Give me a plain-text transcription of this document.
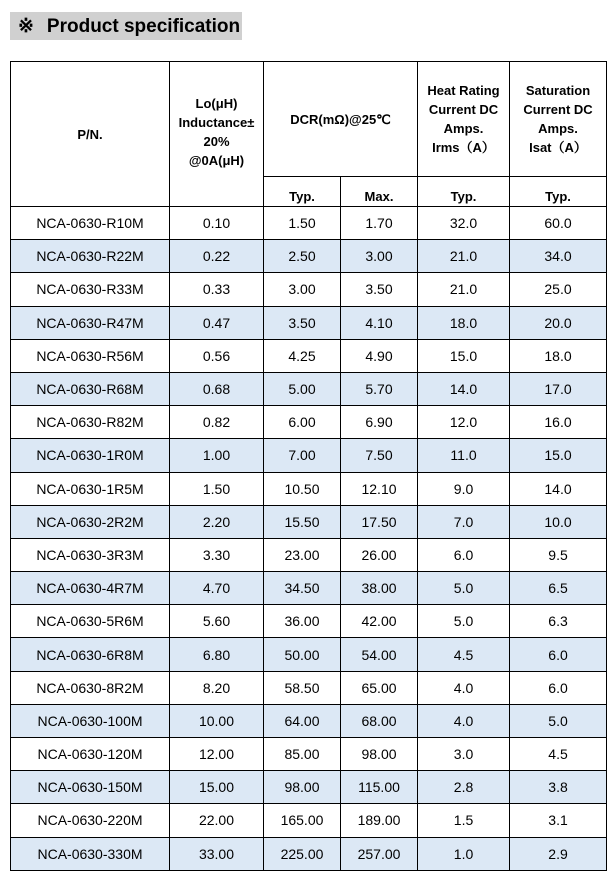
※ Product specification
P/N.	Lo(μH)
Inductance±
20%
@0A(μH)	DCR(mΩ)@25℃		Heat Rating
Current DC
Amps.
Irms（A）	Saturation
Current DC
Amps.
Isat（A）

		Typ.	Max.	Typ.	Typ.
NCA-0630-R10M	0.10	1.50	1.70	32.0	60.0
NCA-0630-R22M	0.22	2.50	3.00	21.0	34.0
NCA-0630-R33M	0.33	3.00	3.50	21.0	25.0
NCA-0630-R47M	0.47	3.50	4.10	18.0	20.0
NCA-0630-R56M	0.56	4.25	4.90	15.0	18.0
NCA-0630-R68M	0.68	5.00	5.70	14.0	17.0
NCA-0630-R82M	0.82	6.00	6.90	12.0	16.0
NCA-0630-1R0M	1.00	7.00	7.50	11.0	15.0
NCA-0630-1R5M	1.50	10.50	12.10	9.0	14.0
NCA-0630-2R2M	2.20	15.50	17.50	7.0	10.0
NCA-0630-3R3M	3.30	23.00	26.00	6.0	9.5
NCA-0630-4R7M	4.70	34.50	38.00	5.0	6.5
NCA-0630-5R6M	5.60	36.00	42.00	5.0	6.3
NCA-0630-6R8M	6.80	50.00	54.00	4.5	6.0
NCA-0630-8R2M	8.20	58.50	65.00	4.0	6.0
NCA-0630-100M	10.00	64.00	68.00	4.0	5.0
NCA-0630-120M	12.00	85.00	98.00	3.0	4.5
NCA-0630-150M	15.00	98.00	115.00	2.8	3.8
NCA-0630-220M	22.00	165.00	189.00	1.5	3.1
NCA-0630-330M	33.00	225.00	257.00	1.0	2.9
